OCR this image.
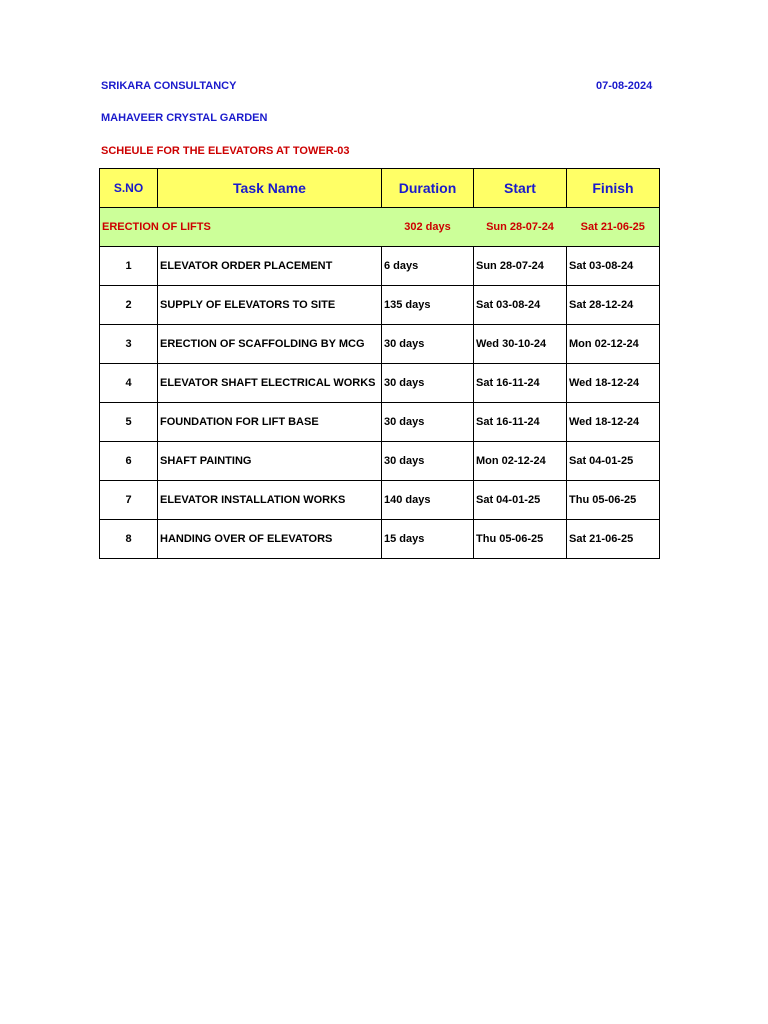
SRIKARA CONSULTANCY	07-08-2024
MAHAVEER CRYSTAL GARDEN
SCHEULE FOR THE ELEVATORS AT TOWER-03
S.NO	Task Name	Duration	Start	Finish
ERECTION OF LIFTS		302 days	Sun 28-07-24	Sat 21-06-25
1	ELEVATOR ORDER PLACEMENT	6 days	Sun 28-07-24	Sat 03-08-24
2	SUPPLY OF ELEVATORS TO SITE	135 days	Sat 03-08-24	Sat 28-12-24
3	ERECTION OF SCAFFOLDING BY MCG	30 days	Wed 30-10-24	Mon 02-12-24
4	ELEVATOR SHAFT ELECTRICAL WORKS	30 days	Sat 16-11-24	Wed 18-12-24
5	FOUNDATION FOR LIFT BASE	30 days	Sat 16-11-24	Wed 18-12-24
6	SHAFT PAINTING	30 days	Mon 02-12-24	Sat 04-01-25
7	ELEVATOR INSTALLATION WORKS	140 days	Sat 04-01-25	Thu 05-06-25
8	HANDING OVER OF ELEVATORS	15 days	Thu 05-06-25	Sat 21-06-25
